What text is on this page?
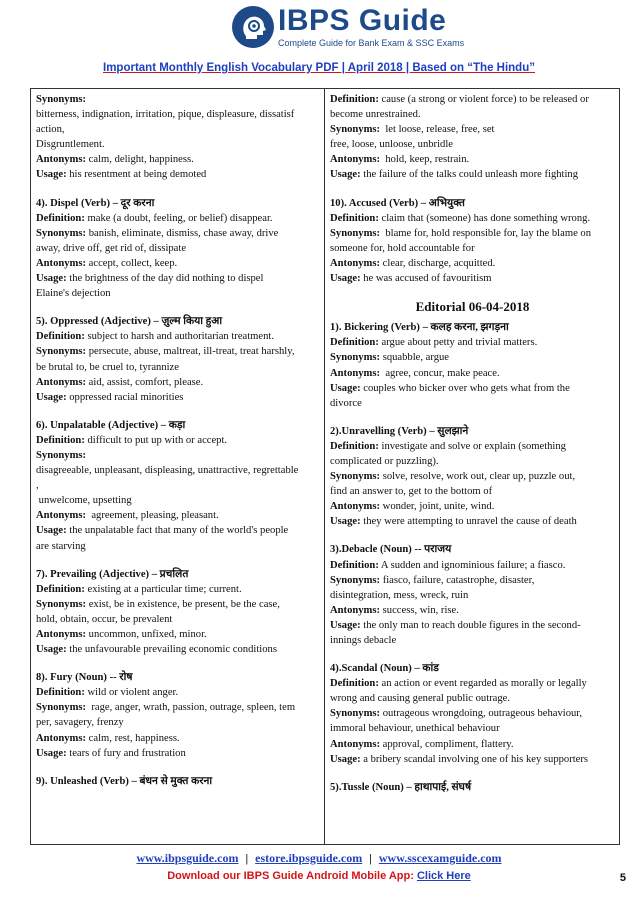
IBPS Guide
Complete Guide for Bank Exam & SSC Exams
Important Monthly English Vocabulary PDF | April 2018 | Based on “The Hindu”
Synonyms:
bitterness, indignation, irritation, pique, displeasure, dissatisf
action,
Disgruntlement.
Antonyms: calm, delight, happiness.
Usage: his resentment at being demoted
4). Dispel (Verb) – दूर करना
Definition: make (a doubt, feeling, or belief) disappear.
Synonyms: banish, eliminate, dismiss, chase away, drive
away, drive off, get rid of, dissipate
Antonyms: accept, collect, keep.
Usage: the brightness of the day did nothing to dispel
Elaine's dejection
5). Oppressed (Adjective) – ज़ुल्म किया हुआ
Definition: subject to harsh and authoritarian treatment.
Synonyms: persecute, abuse, maltreat, ill-treat, treat harshly,
be brutal to, be cruel to, tyrannize
Antonyms: aid, assist, comfort, please.
Usage: oppressed racial minorities
6). Unpalatable (Adjective) – कड़ा
Definition: difficult to put up with or accept.
Synonyms:
disagreeable, unpleasant, displeasing, unattractive, regrettable
,
unwelcome, upsetting
Antonyms:  agreement, pleasing, pleasant.
Usage: the unpalatable fact that many of the world's people
are starving
7). Prevailing (Adjective) – प्रचलित
Definition: existing at a particular time; current.
Synonyms: exist, be in existence, be present, be the case,
hold, obtain, occur, be prevalent
Antonyms: uncommon, unfixed, minor.
Usage: the unfavourable prevailing economic conditions
8). Fury (Noun) -- रोष
Definition: wild or violent anger.
Synonyms:  rage, anger, wrath, passion, outrage, spleen, tem
per, savagery, frenzy
Antonyms: calm, rest, happiness.
Usage: tears of fury and frustration
9). Unleashed (Verb) – बंधन से मुक्त करना
Definition: cause (a strong or violent force) to be released or
become unrestrained.
Synonyms:  let loose, release, free, set
free, loose, unloose, unbridle
Antonyms:  hold, keep, restrain.
Usage: the failure of the talks could unleash more fighting
10). Accused (Verb) – अभियुक्त
Definition: claim that (someone) has done something wrong.
Synonyms:  blame for, hold responsible for, lay the blame on
someone for, hold accountable for
Antonyms: clear, discharge, acquitted.
Usage: he was accused of favouritism
Editorial 06-04-2018
1). Bickering (Verb) – कलह करना, झगड़ना
Definition: argue about petty and trivial matters.
Synonyms: squabble, argue
Antonyms:  agree, concur, make peace.
Usage: couples who bicker over who gets what from the
divorce
2).Unravelling (Verb) – सुलझाने
Definition: investigate and solve or explain (something
complicated or puzzling).
Synonyms: solve, resolve, work out, clear up, puzzle out,
find an answer to, get to the bottom of
Antonyms: wonder, joint, unite, wind.
Usage: they were attempting to unravel the cause of death
3).Debacle (Noun) -- पराजय
Definition: A sudden and ignominious failure; a fiasco.
Synonyms: fiasco, failure, catastrophe, disaster,
disintegration, mess, wreck, ruin
Antonyms: success, win, rise.
Usage: the only man to reach double figures in the second-
innings debacle
4).Scandal (Noun) – कांड
Definition: an action or event regarded as morally or legally
wrong and causing general public outrage.
Synonyms: outrageous wrongdoing, outrageous behaviour,
immoral behaviour, unethical behaviour
Antonyms: approval, compliment, flattery.
Usage: a bribery scandal involving one of his key supporters
5).Tussle (Noun) – हाथापाई, संघर्ष
www.ibpsguide.com | estore.ibpsguide.com | www.sscexamguide.com
Download our IBPS Guide Android Mobile App: Click Here	5
